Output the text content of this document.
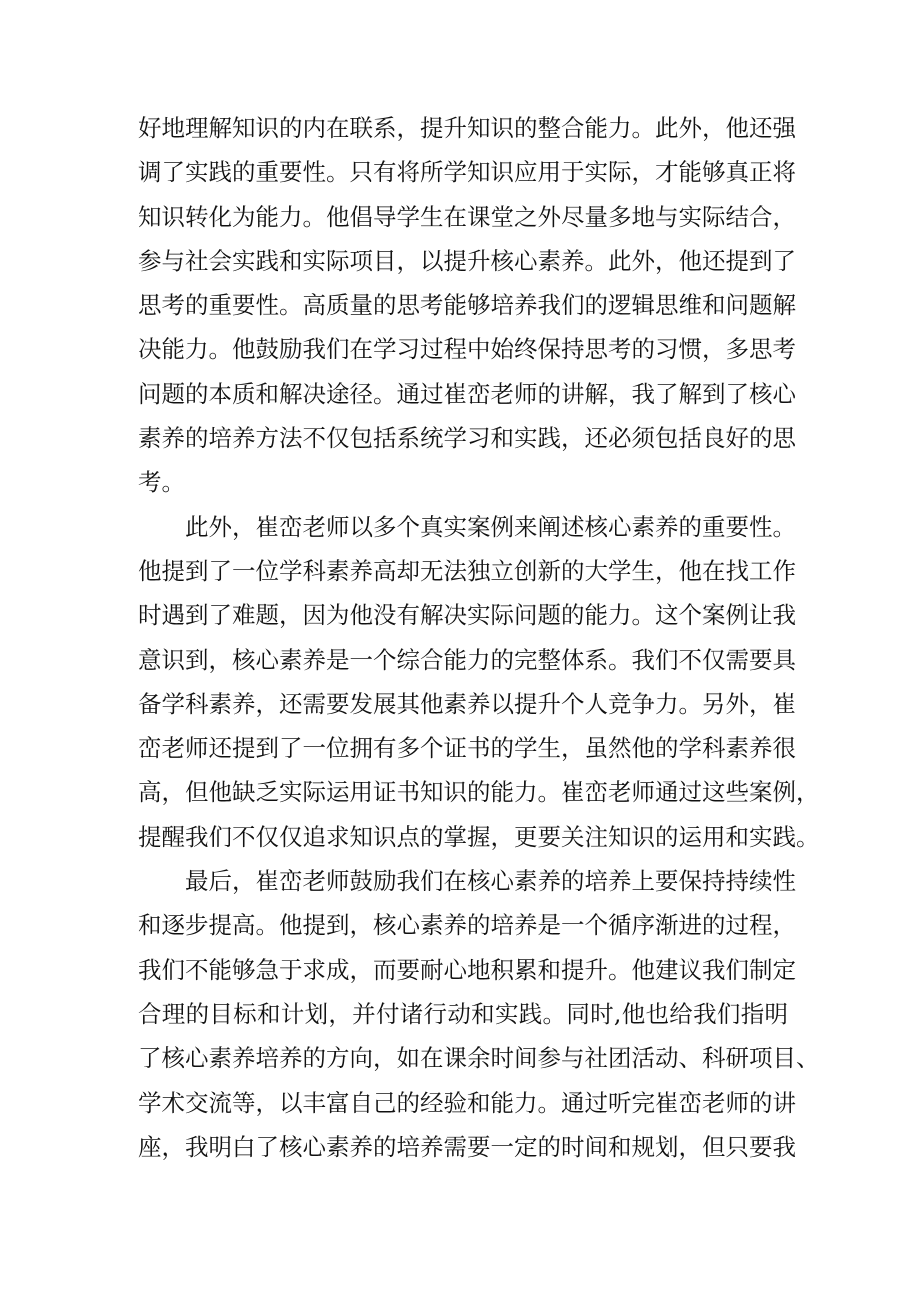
好地理解知识的内在联系，提升知识的整合能力。此外，他还强
调了实践的重要性。只有将所学知识应用于实际，才能够真正将
知识转化为能力。他倡导学生在课堂之外尽量多地与实际结合，
参与社会实践和实际项目，以提升核心素养。此外，他还提到了
思考的重要性。高质量的思考能够培养我们的逻辑思维和问题解
决能力。他鼓励我们在学习过程中始终保持思考的习惯，多思考
问题的本质和解决途径。通过崔峦老师的讲解，我了解到了核心
素养的培养方法不仅包括系统学习和实践，还必须包括良好的思
考。
此外，崔峦老师以多个真实案例来阐述核心素养的重要性。
他提到了一位学科素养高却无法独立创新的大学生，他在找工作
时遇到了难题，因为他没有解决实际问题的能力。这个案例让我
意识到，核心素养是一个综合能力的完整体系。我们不仅需要具
备学科素养，还需要发展其他素养以提升个人竞争力。另外，崔
峦老师还提到了一位拥有多个证书的学生，虽然他的学科素养很
高，但他缺乏实际运用证书知识的能力。崔峦老师通过这些案例，
提醒我们不仅仅追求知识点的掌握，更要关注知识的运用和实践。
最后，崔峦老师鼓励我们在核心素养的培养上要保持持续性
和逐步提高。他提到，核心素养的培养是一个循序渐进的过程，
我们不能够急于求成，而要耐心地积累和提升。他建议我们制定
合理的目标和计划，并付诸行动和实践。同时,他也给我们指明
了核心素养培养的方向，如在课余时间参与社团活动、科研项目、
学术交流等，以丰富自己的经验和能力。通过听完崔峦老师的讲
座，我明白了核心素养的培养需要一定的时间和规划，但只要我
